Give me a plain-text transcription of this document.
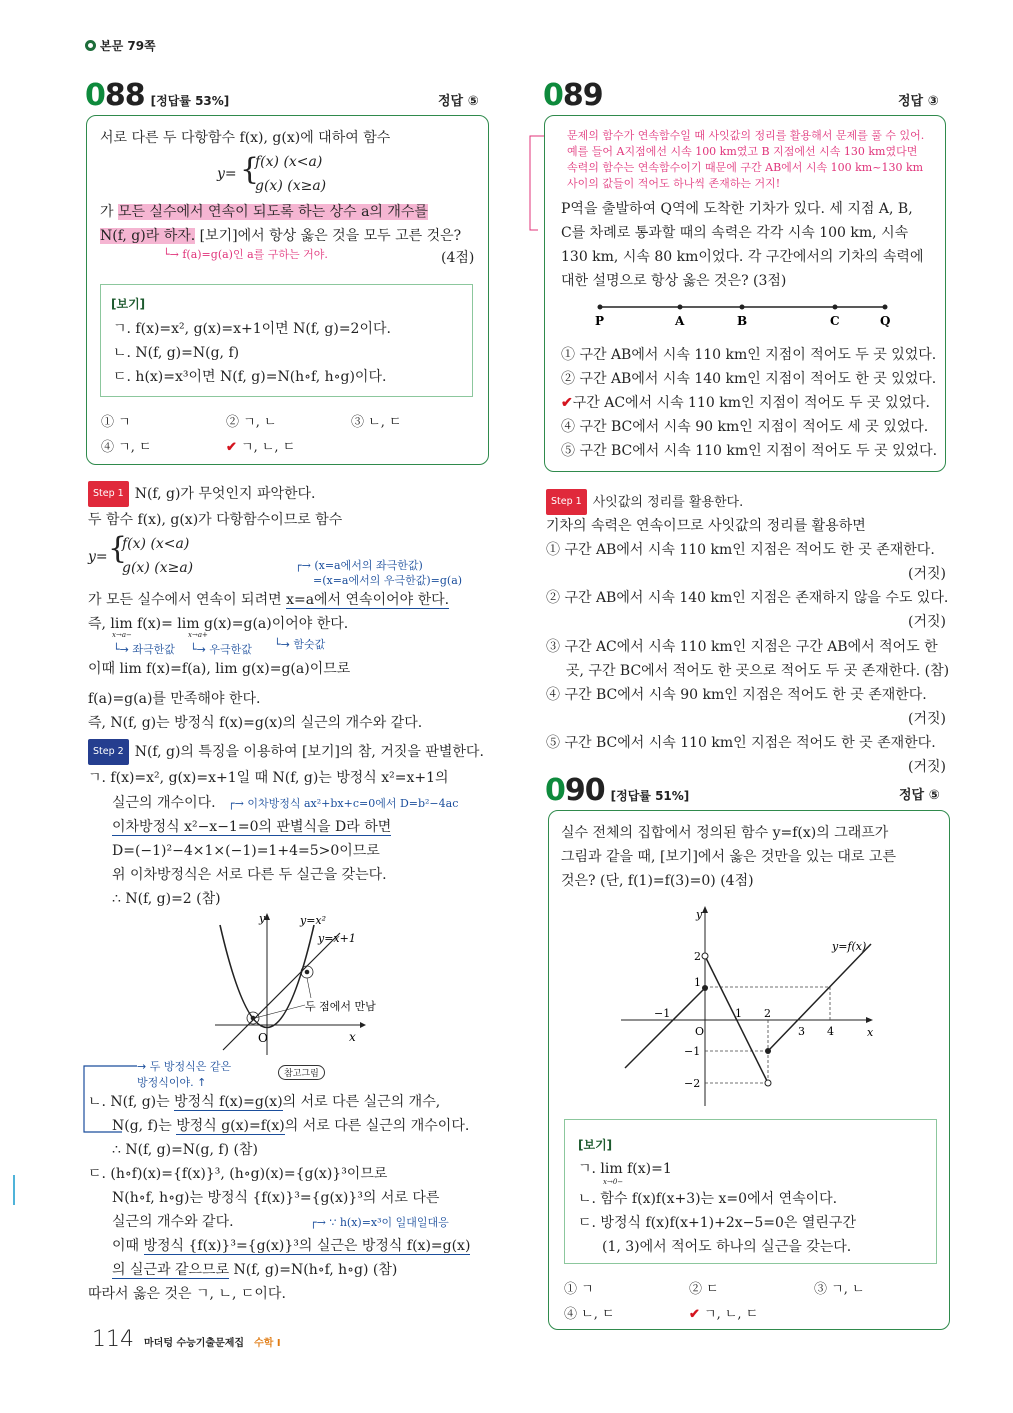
본문 79쪽
088 [정답률 53%]	정답 ⑤
서로 다른 두 다항함수 f(x), g(x)에 대하여 함수
y= {
f(x) (x<a)
g(x) (x≥a)
가 모든 실수에서 연속이 되도록 하는 상수 a의 개수를
N(f, g)라 하자. [보기]에서 항상 옳은 것을 모두 고른 것은?
└→ f(a)=g(a)인 a를 구하는 거야.	(4점)
[보기]
ㄱ. f(x)=x², g(x)=x+1이면 N(f, g)=2이다.
ㄴ. N(f, g)=N(g, f)
ㄷ. h(x)=x³이면 N(f, g)=N(h∘f, h∘g)이다.
① ㄱ	② ㄱ, ㄴ	③ ㄴ, ㄷ
④ ㄱ, ㄷ	✔ ㄱ, ㄴ, ㄷ
Step 1 N(f, g)가 무엇인지 파악한다.
두 함수 f(x), g(x)가 다항함수이므로 함수
y= {
f(x) (x<a)
g(x) (x≥a)	┌→ (x=a에서의 좌극한값)
=(x=a에서의 우극한값)=g(a)
가 모든 실수에서 연속이 되려면 x=a에서 연속이어야 한다.
즉, lim f(x)= lim g(x)=g(a)이어야 한다.
x→a−	x→a+
└→ 좌극한값 └→ 우극한값 └→ 함숫값
이때 lim f(x)=f(a), lim g(x)=g(a)이므로
f(a)=g(a)를 만족해야 한다.
즉, N(f, g)는 방정식 f(x)=g(x)의 실근의 개수와 같다.
Step 2 N(f, g)의 특징을 이용하여 [보기]의 참, 거짓을 판별한다.
ㄱ. f(x)=x², g(x)=x+1일 때 N(f, g)는 방정식 x²=x+1의
실근의 개수이다. ┌→ 이차방정식 ax²+bx+c=0에서 D=b²−4ac
이차방정식 x²−x−1=0의 판별식을 D라 하면
D=(−1)²−4×1×(−1)=1+4=5>0이므로
위 이차방정식은 서로 다른 두 실근을 갖는다.
∴ N(f, g)=2 (참)
y	y=x²
y=x+1
두 점에서 만남
O	x
참고그림
→ 두 방정식은 같은
방정식이야. ↑
ㄴ. N(f, g)는 방정식 f(x)=g(x)의 서로 다른 실근의 개수,
N(g, f)는 방정식 g(x)=f(x)의 서로 다른 실근의 개수이다.
∴ N(f, g)=N(g, f) (참)
ㄷ. (h∘f)(x)={f(x)}³, (h∘g)(x)={g(x)}³이므로
N(h∘f, h∘g)는 방정식 {f(x)}³={g(x)}³의 서로 다른
실근의 개수와 같다.	┌→ ∵ h(x)=x³이 일대일대응
이때 방정식 {f(x)}³={g(x)}³의 실근은 방정식 f(x)=g(x)
의 실근과 같으므로 N(f, g)=N(h∘f, h∘g) (참)
따라서 옳은 것은 ㄱ, ㄴ, ㄷ이다.
114 마더텅 수능기출문제집 수학 Ⅰ
089	정답 ③
문제의 함수가 연속함수일 때 사잇값의 정리를 활용해서 문제를 풀 수 있어.
예를 들어 A지점에선 시속 100 km였고 B 지점에선 시속 130 km였다면
속력의 함수는 연속함수이기 때문에 구간 AB에서 시속 100 km~130 km
사이의 값들이 적어도 하나씩 존재하는 거지!
P역을 출발하여 Q역에 도착한 기차가 있다. 세 지점 A, B,
C를 차례로 통과할 때의 속력은 각각 시속 100 km, 시속
130 km, 시속 80 km이었다. 각 구간에서의 기차의 속력에
대한 설명으로 항상 옳은 것은? (3점)
P	A	B	C	Q
① 구간 AB에서 시속 110 km인 지점이 적어도 두 곳 있었다.
② 구간 AB에서 시속 140 km인 지점이 적어도 한 곳 있었다.
✔구간 AC에서 시속 110 km인 지점이 적어도 두 곳 있었다.
④ 구간 BC에서 시속 90 km인 지점이 적어도 세 곳 있었다.
⑤ 구간 BC에서 시속 110 km인 지점이 적어도 두 곳 있었다.
Step 1 사잇값의 정리를 활용한다.
기차의 속력은 연속이므로 사잇값의 정리를 활용하면
① 구간 AB에서 시속 110 km인 지점은 적어도 한 곳 존재한다.
(거짓)
② 구간 AB에서 시속 140 km인 지점은 존재하지 않을 수도 있다.
(거짓)
③ 구간 AC에서 시속 110 km인 지점은 구간 AB에서 적어도 한
곳, 구간 BC에서 적어도 한 곳으로 적어도 두 곳 존재한다. (참)
④ 구간 BC에서 시속 90 km인 지점은 적어도 한 곳 존재한다.
(거짓)
⑤ 구간 BC에서 시속 110 km인 지점은 적어도 한 곳 존재한다.
(거짓)
090 [정답률 51%]	정답 ⑤
실수 전체의 집합에서 정의된 함수 y=f(x)의 그래프가
그림과 같을 때, [보기]에서 옳은 것만을 있는 대로 고른
것은? (단, f(1)=f(3)=0) (4점)
y
y=f(x)
x
O
−1	1 2
3 4
2
1
−1
−2
[보기]
ㄱ. lim f(x)=1
x→0−
ㄴ. 함수 f(x)f(x+3)는 x=0에서 연속이다.
ㄷ. 방정식 f(x)f(x+1)+2x−5=0은 열린구간
(1, 3)에서 적어도 하나의 실근을 갖는다.
① ㄱ	② ㄷ	③ ㄱ, ㄴ
④ ㄴ, ㄷ	✔ ㄱ, ㄴ, ㄷ
